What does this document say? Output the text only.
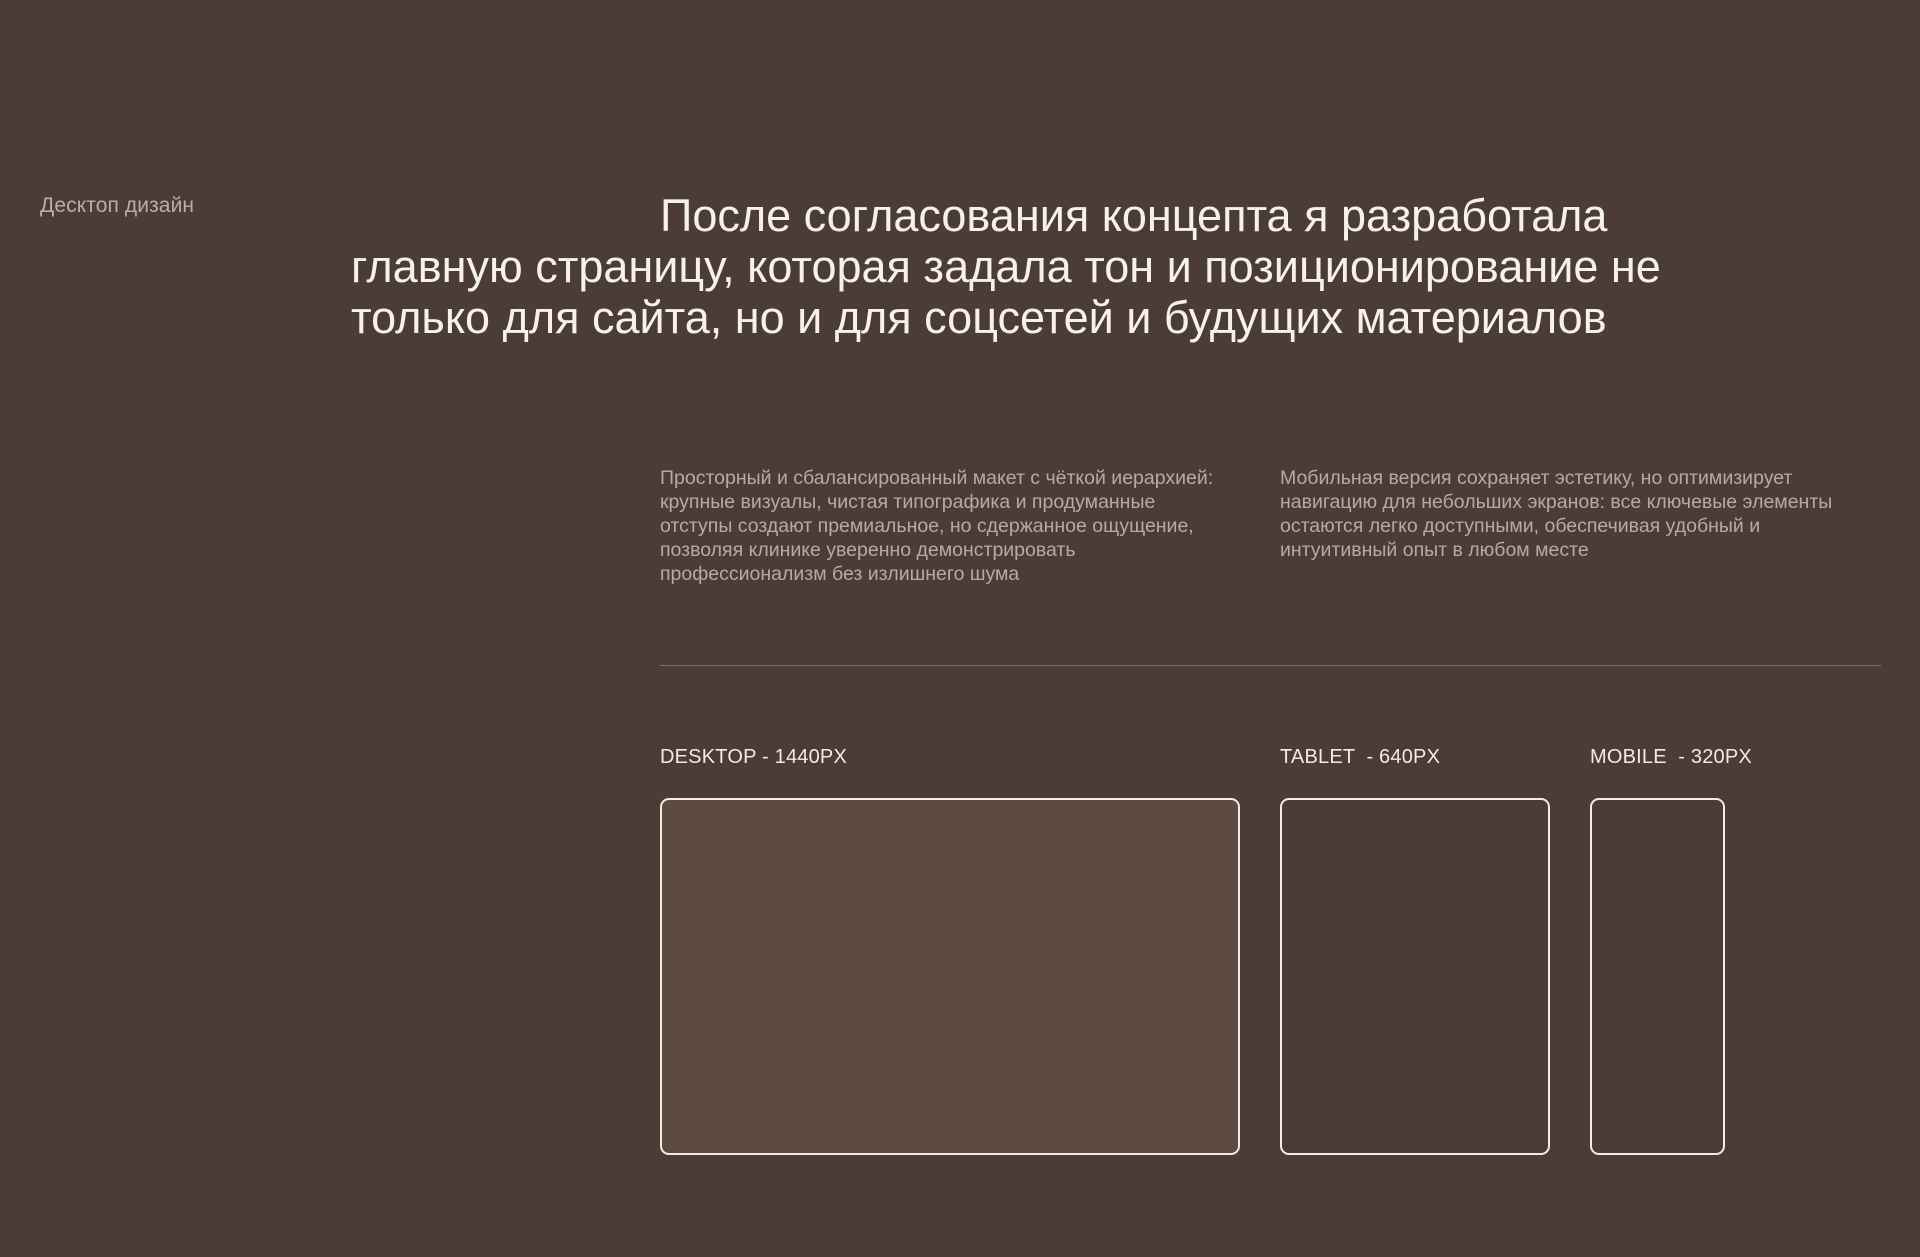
Десктоп дизайн	После согласования концепта я разработала главную страницу, которая задала тон и позиционирование не только для сайта, но и для соцсетей и будущих материалов

Просторный и сбалансированный макет с чёткой иерархией: крупные визуалы, чистая типографика и продуманные отступы создают премиальное, но сдержанное ощущение, позволяя клинике уверенно демонстрировать профессионализм без излишнего шума

Мобильная версия сохраняет эстетику, но оптимизирует навигацию для небольших экранов: все ключевые элементы остаются легко доступными, обеспечивая удобный и интуитивный опыт в любом месте

DESKTOP - 1440PX	TABLET  - 640PX	MOBILE  - 320PX
